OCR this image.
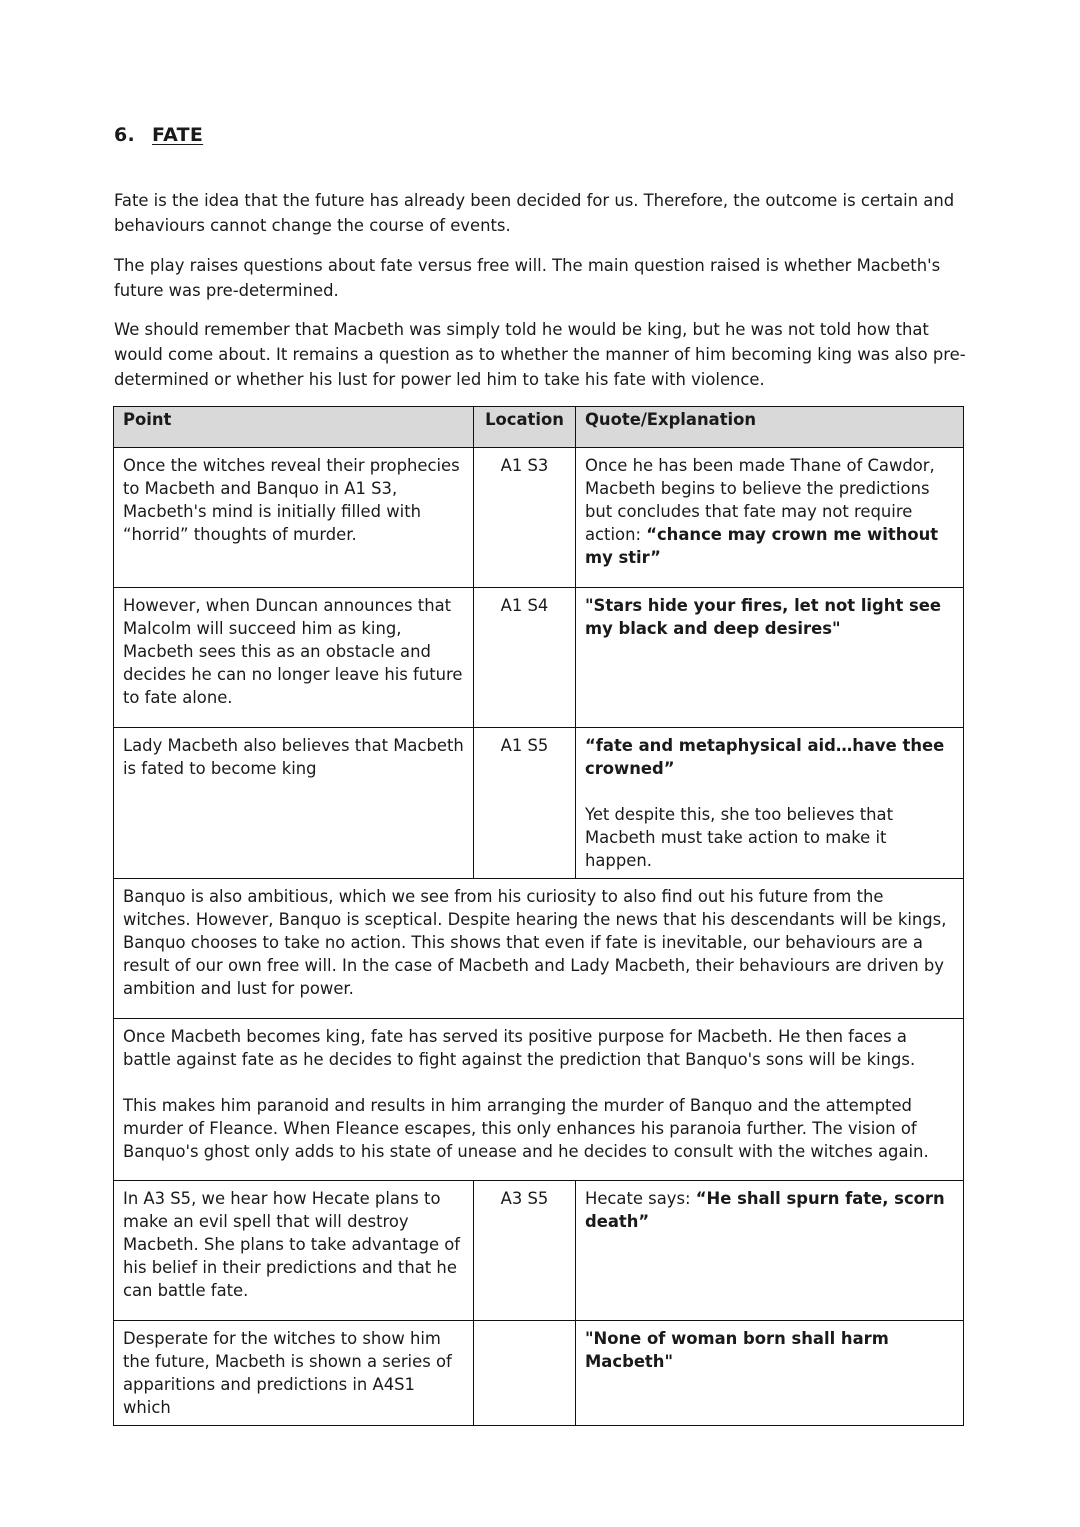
6. FATE

Fate is the idea that the future has already been decided for us. Therefore, the outcome is certain and behaviours cannot change the course of events.

The play raises questions about fate versus free will. The main question raised is whether Macbeth's future was pre-determined.

We should remember that Macbeth was simply told he would be king, but he was not told how that would come about. It remains a question as to whether the manner of him becoming king was also pre-determined or whether his lust for power led him to take his fate with violence.

Point	Location	Quote/Explanation
Once the witches reveal their prophecies to Macbeth and Banquo in A1 S3, Macbeth's mind is initially filled with “horrid” thoughts of murder.	A1 S3	Once he has been made Thane of Cawdor, Macbeth begins to believe the predictions but concludes that fate may not require action: “chance may crown me without my stir”
However, when Duncan announces that Malcolm will succeed him as king, Macbeth sees this as an obstacle and decides he can no longer leave his future to fate alone.	A1 S4	"Stars hide your fires, let not light see my black and deep desires"
Lady Macbeth also believes that Macbeth is fated to become king	A1 S5	“fate and metaphysical aid…have thee crowned”
Yet despite this, she too believes that Macbeth must take action to make it happen.
Banquo is also ambitious, which we see from his curiosity to also find out his future from the witches. However, Banquo is sceptical. Despite hearing the news that his descendants will be kings, Banquo chooses to take no action. This shows that even if fate is inevitable, our behaviours are a result of our own free will. In the case of Macbeth and Lady Macbeth, their behaviours are driven by ambition and lust for power.		
Once Macbeth becomes king, fate has served its positive purpose for Macbeth. He then faces a battle against fate as he decides to fight against the prediction that Banquo's sons will be kings.
This makes him paranoid and results in him arranging the murder of Banquo and the attempted murder of Fleance. When Fleance escapes, this only enhances his paranoia further. The vision of Banquo's ghost only adds to his state of unease and he decides to consult with the witches again.		
In A3 S5, we hear how Hecate plans to make an evil spell that will destroy Macbeth. She plans to take advantage of his belief in their predictions and that he can battle fate.	A3 S5	Hecate says: “He shall spurn fate, scorn death”
Desperate for the witches to show him the future, Macbeth is shown a series of apparitions and predictions in A4S1 which		"None of woman born shall harm Macbeth"
